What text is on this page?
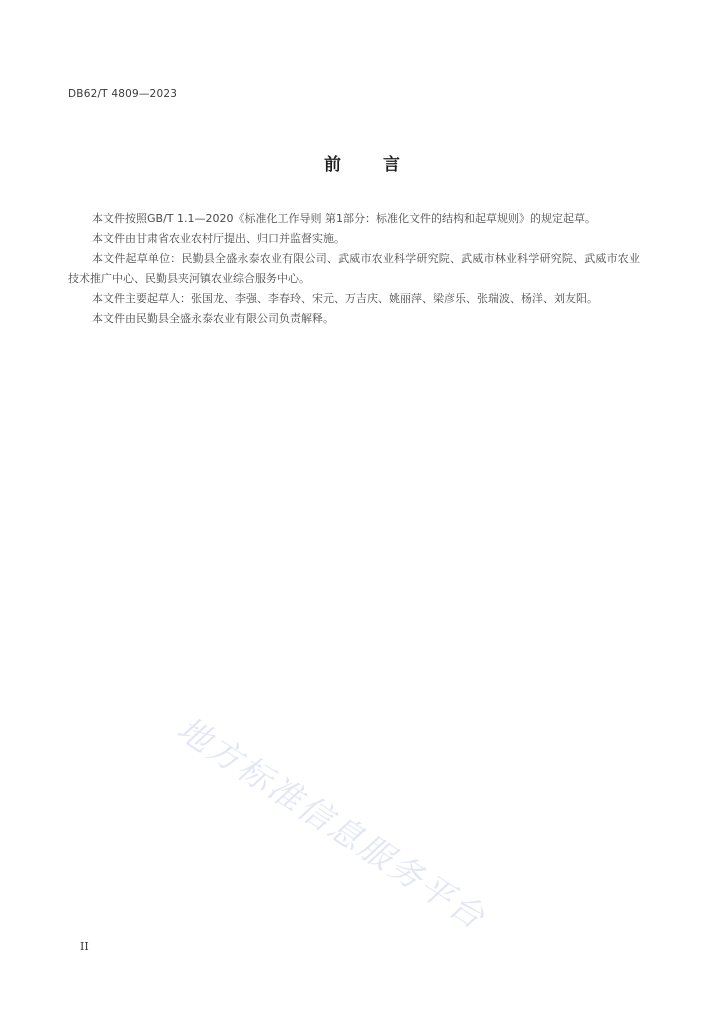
DB62/T 4809—2023
前 言

本文件按照GB/T 1.1—2020《标准化工作导则 第1部分：标准化文件的结构和起草规则》的规定起草。

本文件由甘肃省农业农村厅提出、归口并监督实施。

本文件起草单位：民勤县全盛永泰农业有限公司、武威市农业科学研究院、武威市林业科学研究院、武威市农业技术推广中心、民勤县夹河镇农业综合服务中心。

本文件主要起草人：张国龙、李强、李春玲、宋元、万吉庆、姚丽萍、梁彦乐、张瑞波、杨洋、刘友阳。

本文件由民勤县全盛永泰农业有限公司负责解释。

地方标准信息服务平台
II
